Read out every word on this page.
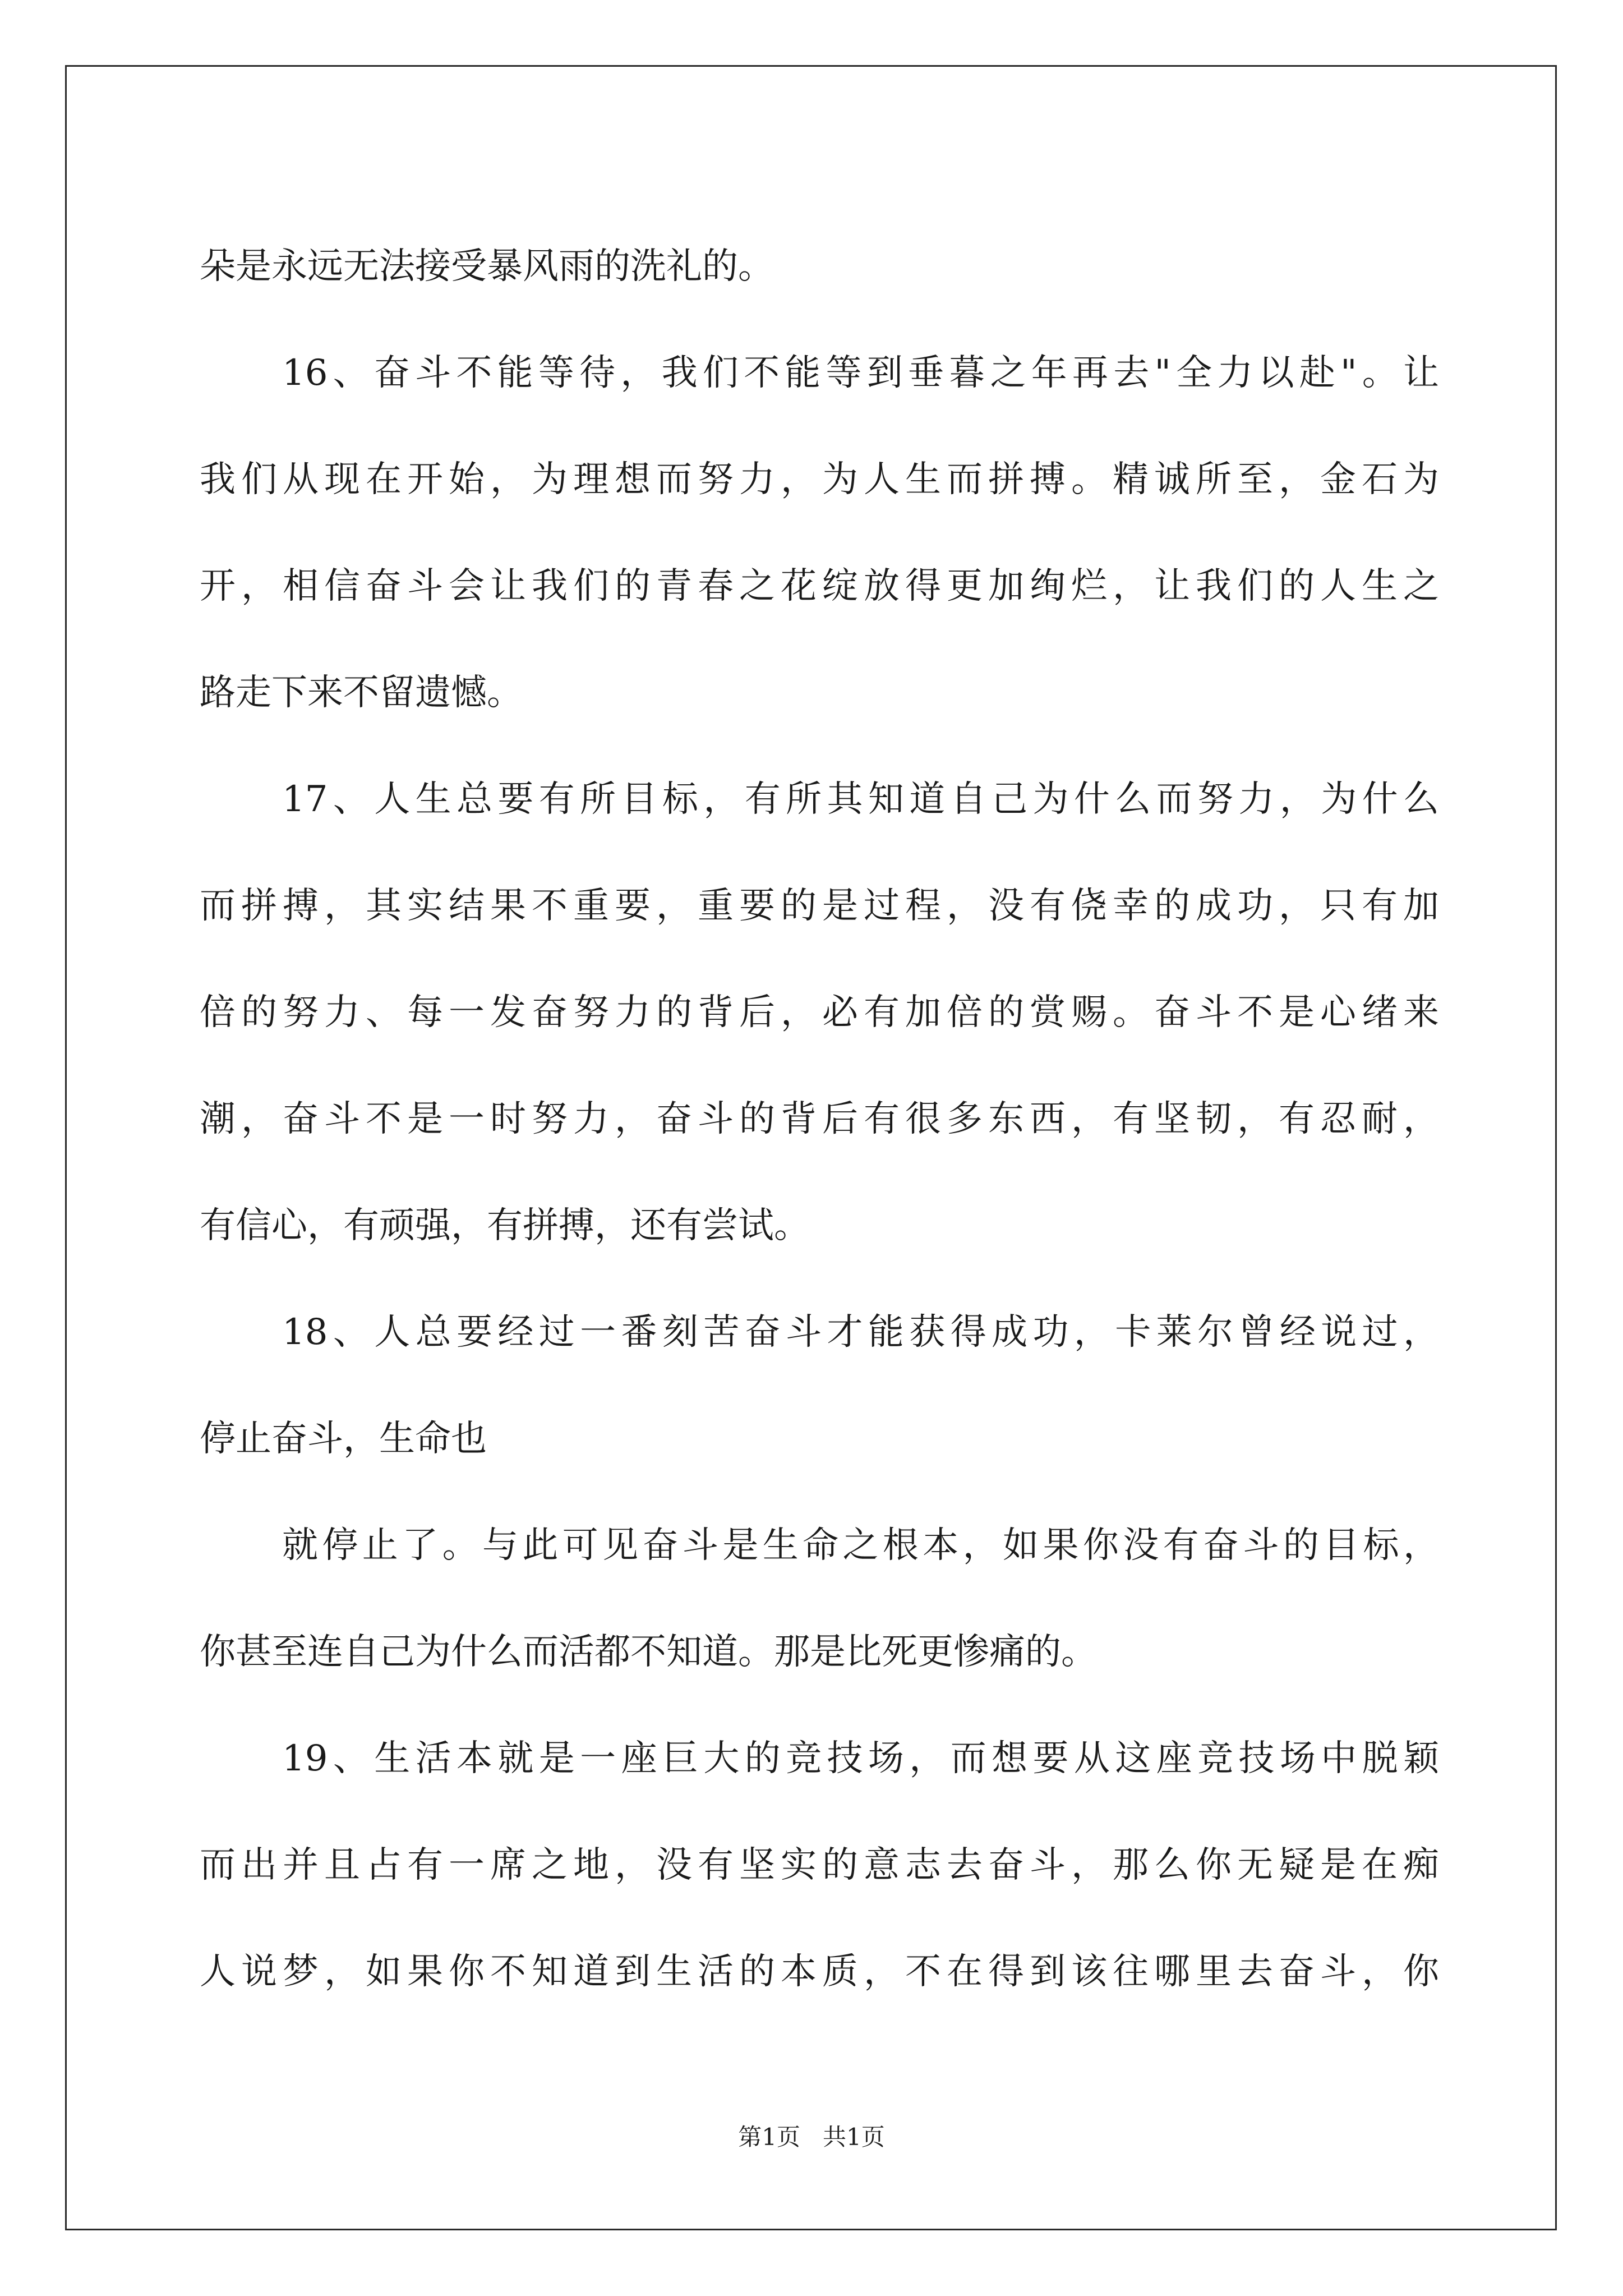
朵是永远无法接受暴风雨的洗礼的。
16、奋斗不能等待，我们不能等到垂暮之年再去"全力以赴"。让
我们从现在开始，为理想而努力，为人生而拼搏。精诚所至，金石为
开，相信奋斗会让我们的青春之花绽放得更加绚烂，让我们的人生之
路走下来不留遗憾。
17、人生总要有所目标，有所其知道自己为什么而努力，为什么
而拼搏，其实结果不重要，重要的是过程，没有侥幸的成功，只有加
倍的努力、每一发奋努力的背后，必有加倍的赏赐。奋斗不是心绪来
潮，奋斗不是一时努力，奋斗的背后有很多东西，有坚韧，有忍耐，
有信心，有顽强，有拼搏，还有尝试。
18、人总要经过一番刻苦奋斗才能获得成功，卡莱尔曾经说过，
停止奋斗，生命也
就停止了。与此可见奋斗是生命之根本，如果你没有奋斗的目标，
你甚至连自己为什么而活都不知道。那是比死更惨痛的。
19、生活本就是一座巨大的竞技场，而想要从这座竞技场中脱颖
而出并且占有一席之地，没有坚实的意志去奋斗，那么你无疑是在痴
人说梦，如果你不知道到生活的本质，不在得到该往哪里去奋斗，你
第1页 共1页
